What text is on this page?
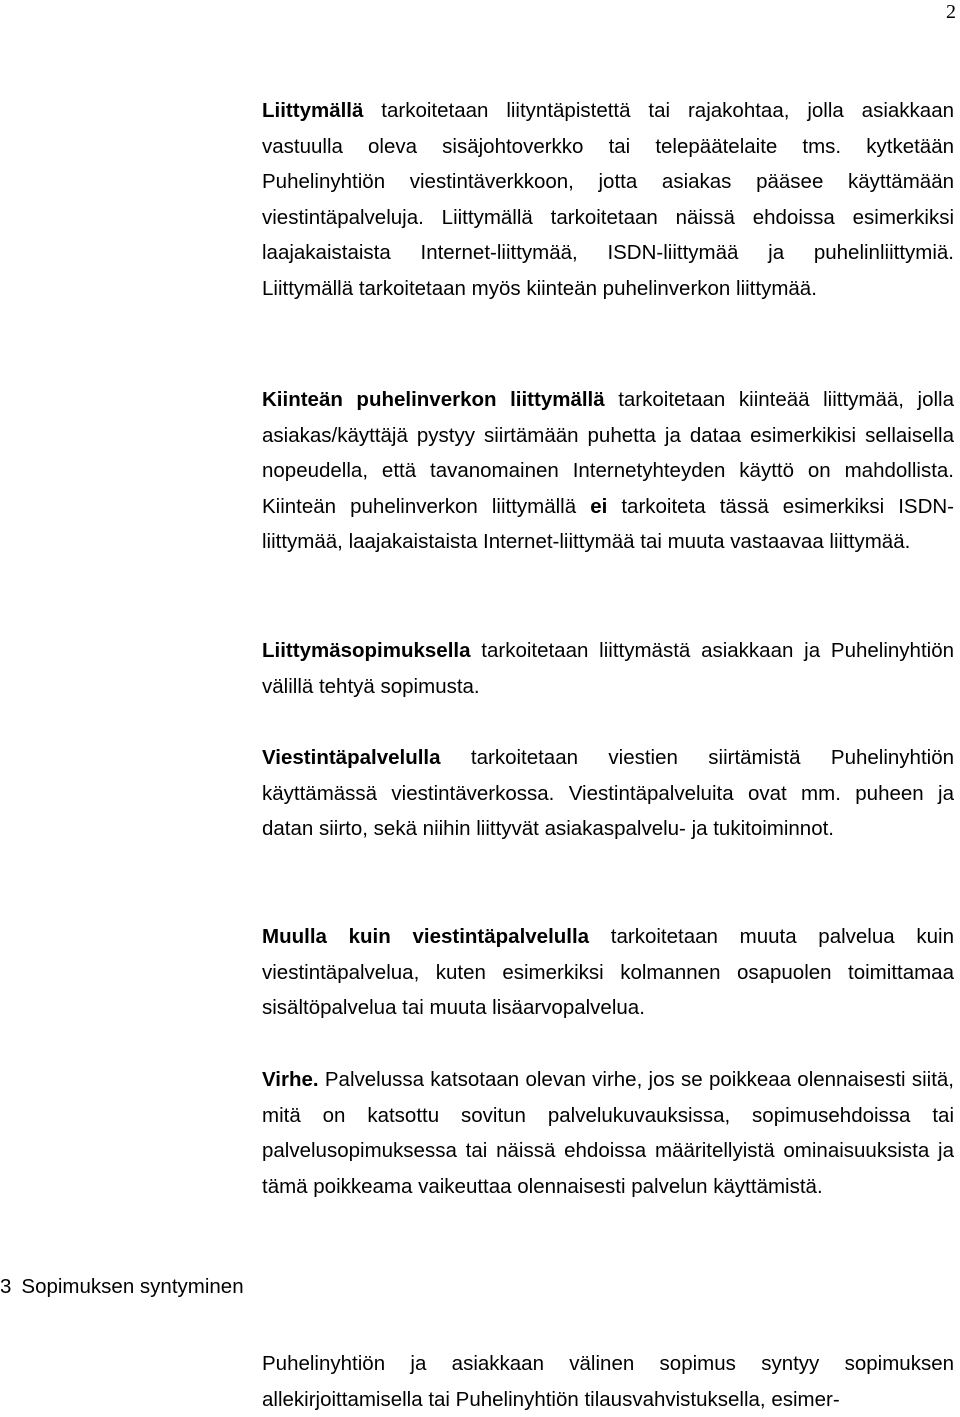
2

Liittymällä tarkoitetaan liityntäpistettä tai rajakohtaa, jolla asiakkaan vastuulla oleva sisäjohtoverkko tai telepäätelaite tms. kytketään Puhelinyhtiön viestintäverkkoon, jotta asiakas pääsee käyttämään viestintäpalveluja. Liittymällä tarkoitetaan näissä ehdoissa esimerkiksi laajakaistaista Internet-liittymää, ISDN-liittymää ja puhelinliittymiä. Liittymällä tarkoitetaan myös kiinteän puhelinverkon liittymää.

Kiinteän puhelinverkon liittymällä tarkoitetaan kiinteää liittymää, jolla asiakas/käyttäjä pystyy siirtämään puhetta ja dataa esimerkikisi sellaisella nopeudella, että tavanomainen Internetyhteyden käyttö on mahdollista. Kiinteän puhelinverkon liittymällä ei tarkoiteta tässä esimerkiksi ISDN-liittymää, laajakaistaista Internet-liittymää tai muuta vastaavaa liittymää.

Liittymäsopimuksella tarkoitetaan liittymästä asiakkaan ja Puhelinyhtiön välillä tehtyä sopimusta.

Viestintäpalvelulla tarkoitetaan viestien siirtämistä Puhelinyhtiön käyttämässä viestintäverkossa. Viestintäpalveluita ovat mm. puheen ja datan siirto, sekä niihin liittyvät asiakaspalvelu- ja tukitoiminnot.

Muulla kuin viestintäpalvelulla tarkoitetaan muuta palvelua kuin viestintäpalvelua, kuten esimerkiksi kolmannen osapuolen toimittamaa sisältöpalvelua tai muuta lisäarvopalvelua.

Virhe. Palvelussa katsotaan olevan virhe, jos se poikkeaa olennaisesti siitä, mitä on katsottu sovitun palvelukuvauksissa, sopimusehdoissa tai palvelusopimuksessa tai näissä ehdoissa määritellyistä ominaisuuksista ja tämä poikkeama vaikeuttaa olennaisesti palvelun käyttämistä.

3 Sopimuksen syntyminen

Puhelinyhtiön ja asiakkaan välinen sopimus syntyy sopimuksen allekirjoittamisella tai Puhelinyhtiön tilausvahvistuksella, esimer-
